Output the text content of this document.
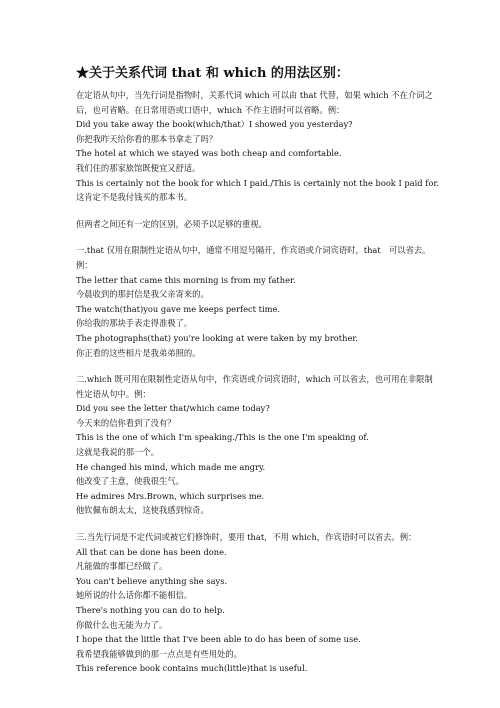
★关于关系代词 that 和 which 的用法区别：
在定语从句中，当先行词是指物时，关系代词 which 可以由 that 代替，如果 which 不在介词之后，也可省略。在日常用语或口语中，which 不作主语时可以省略。例：
Did you take away the book(which/that）I showed you yesterday?
你把我昨天给你看的那本书拿走了吗？
The hotel at which we stayed was both cheap and comfortable.
我们住的那家旅馆既便宜又舒适。
This is certainly not the book for which I paid./This is certainly not the book I paid for.
这肯定不是我付钱买的那本书。
但两者之间还有一定的区别，必须予以足够的重视。
一.that 仅用在限制性定语从句中，通常不用逗号隔开，作宾语或介词宾语时，that　可以省去。例：
The letter that came this morning is from my father.
今晨收到的那封信是我父亲寄来的。
The watch(that)you gave me keeps perfect time.
你给我的那块手表走得准极了。
The photographs(that) you're looking at were taken by my brother.
你正看的这些相片是我弟弟照的。
二.which 既可用在限制性定语从句中，作宾语或介词宾语时，which 可以省去，也可用在非限制性定语从句中。例：
Did you see the letter that/which came today?
今天来的信你看到了没有？
This is the one of which I'm speaking./This is the one I'm speaking of.
这就是我说的那一个。
He changed his mind, which made me angry.
他改变了主意，使我很生气。
He admires Mrs.Brown, which surprises me.
他钦佩布朗太太，这使我感到惊奇。
三.当先行词是不定代词或被它们修饰时，要用 that，不用 which，作宾语时可以省去。例：
All that can be done has been done.
凡能做的事都已经做了。
You can't believe anything she says.
她所说的什么话你都不能相信。
There's nothing you can do to help.
你做什么也无能为力了。
I hope that the little that I've been able to do has been of some use.
我希望我能够做到的那一点点是有些用处的。
This reference book contains much(little)that is useful.
